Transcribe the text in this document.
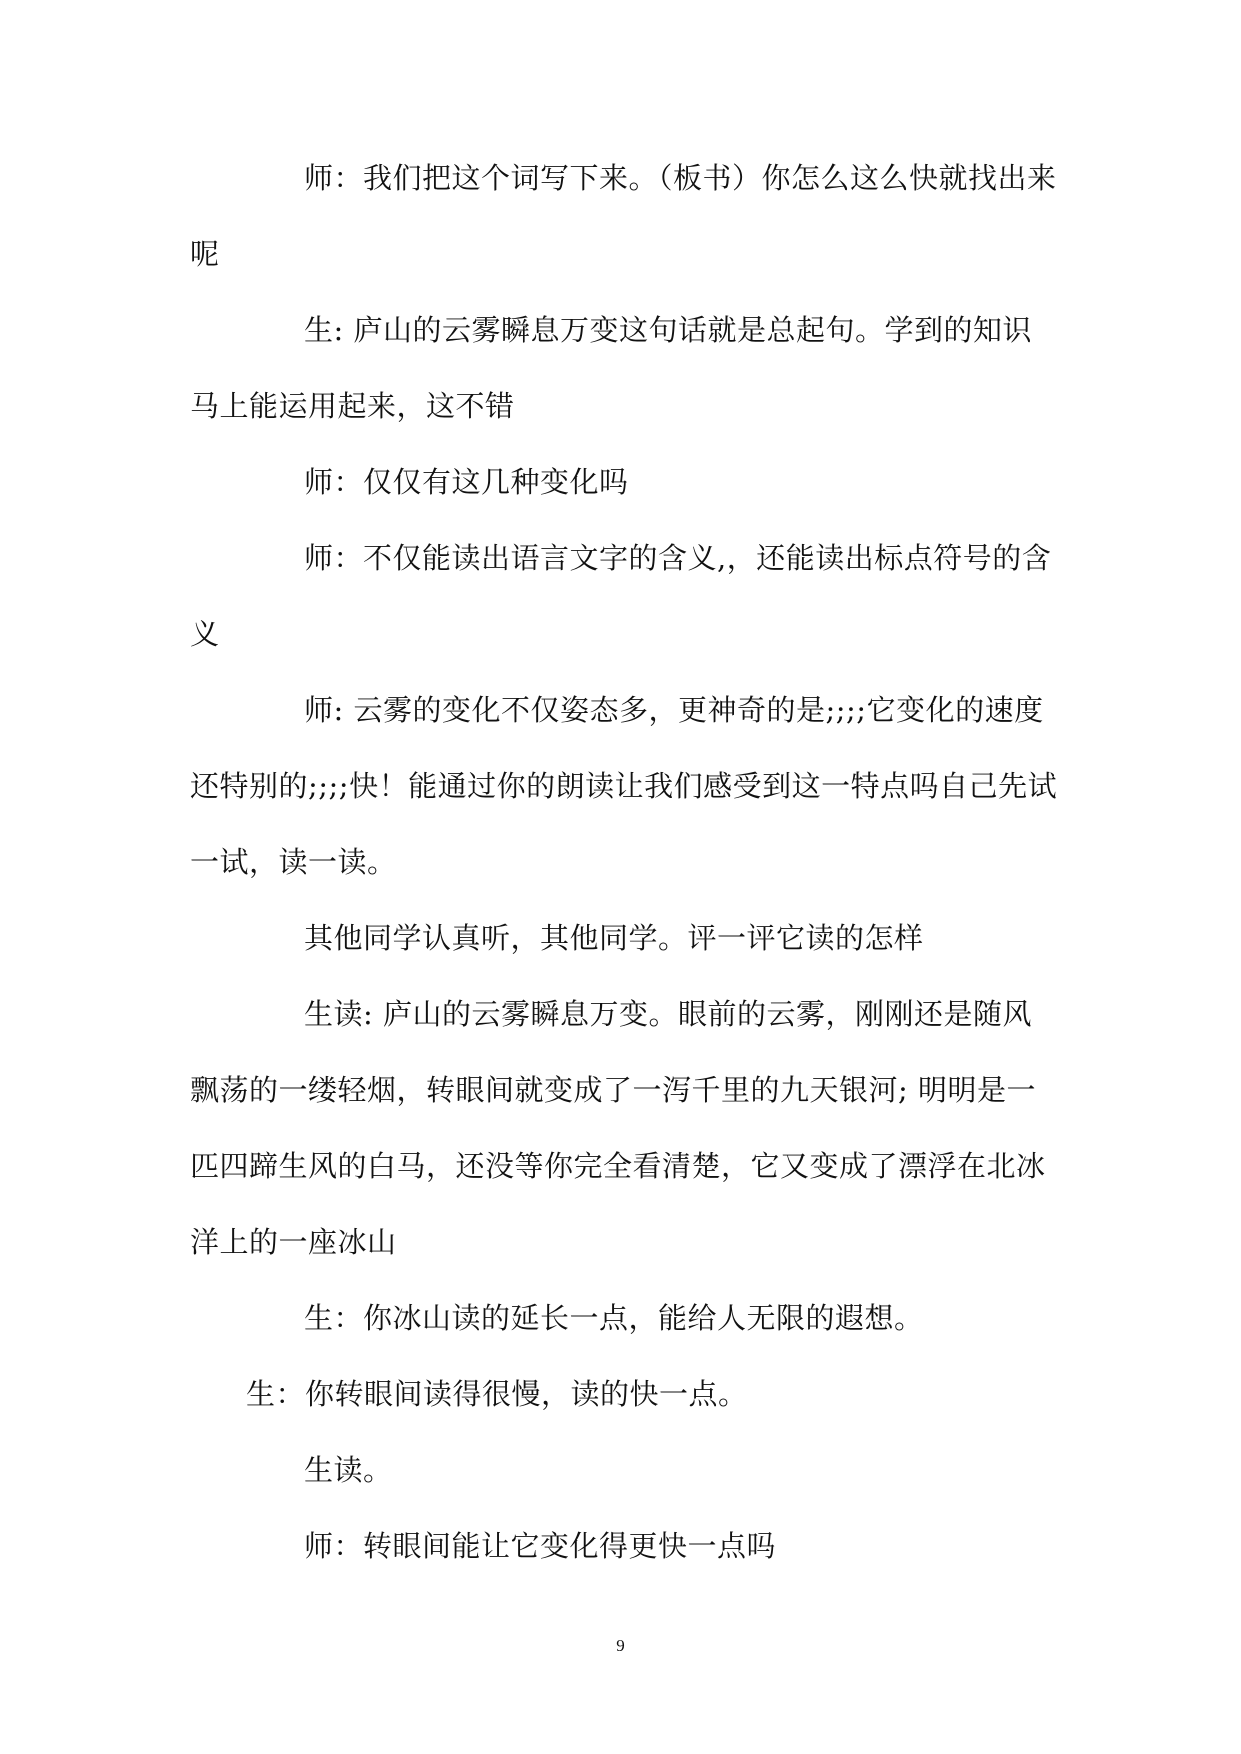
师：我们把这个词写下来。（板书）你怎么这么快就找出来呢

生: 庐山的云雾瞬息万变这句话就是总起句。学到的知识马上能运用起来，这不错

师：仅仅有这几种变化吗

师：不仅能读出语言文字的含义,，还能读出标点符号的含义

师: 云雾的变化不仅姿态多，更神奇的是;;;;它变化的速度还特别的;;;;快！能通过你的朗读让我们感受到这一特点吗自己先试一试，读一读。

其他同学认真听，其他同学。评一评它读的怎样

生读: 庐山的云雾瞬息万变。眼前的云雾，刚刚还是随风飘荡的一缕轻烟，转眼间就变成了一泻千里的九天银河; 明明是一匹四蹄生风的白马，还没等你完全看清楚，它又变成了漂浮在北冰洋上的一座冰山

生：你冰山读的延长一点，能给人无限的遐想。

生：你转眼间读得很慢，读的快一点。

生读。

师：转眼间能让它变化得更快一点吗

9
